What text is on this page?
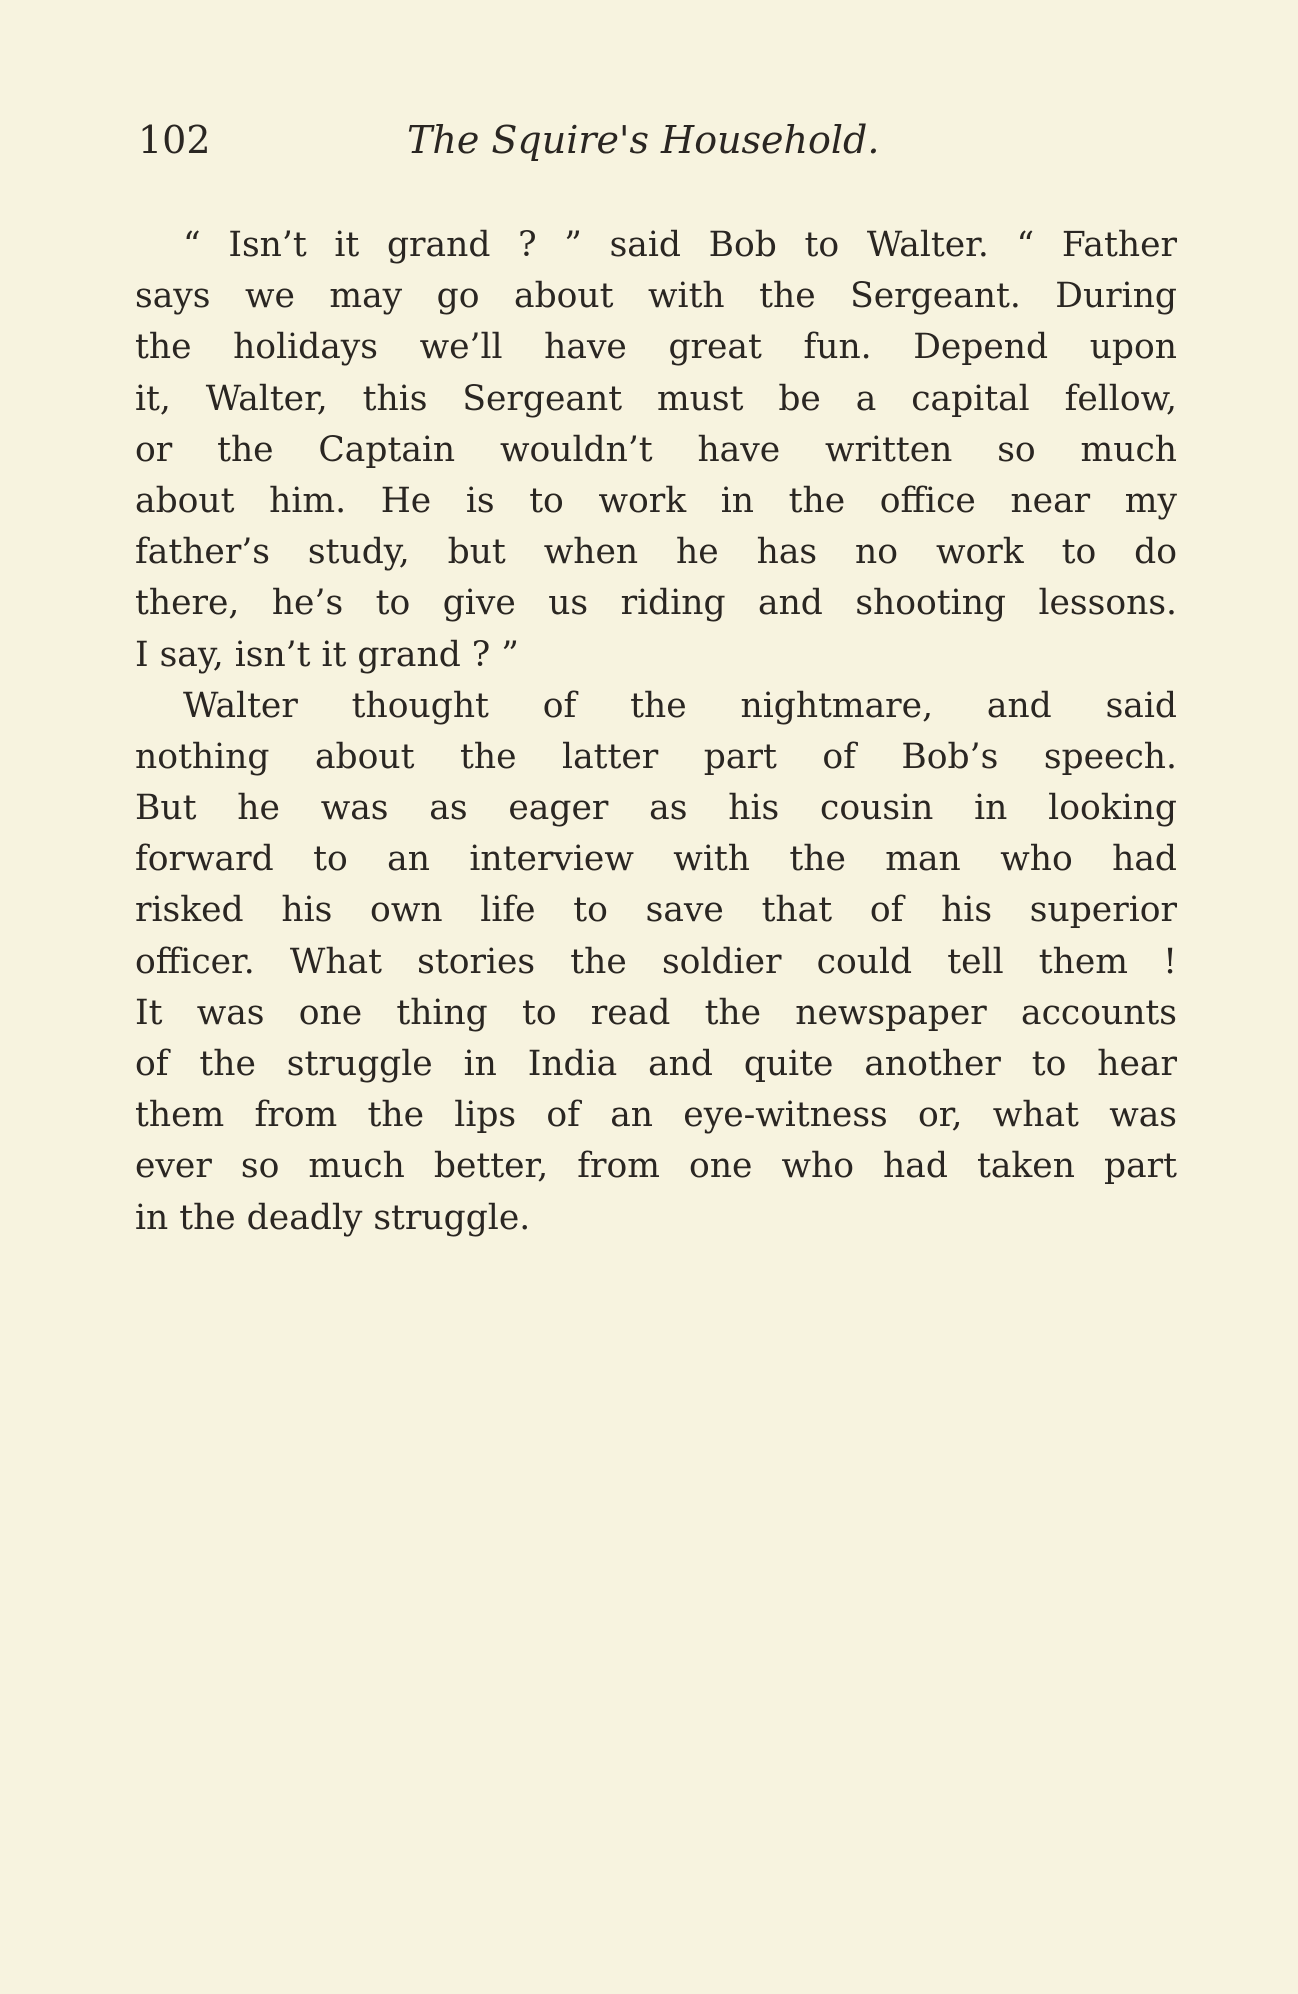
102	The Squire's Household.
“ Isn’t it grand ? ” said Bob to Walter. “ Father
says we may go about with the Sergeant. During
the holidays we’ll have great fun. Depend upon
it, Walter, this Sergeant must be a capital fellow,
or the Captain wouldn’t have written so much
about him. He is to work in the office near my
father’s study, but when he has no work to do
there, he’s to give us riding and shooting lessons.
I say, isn’t it grand ? ”
Walter thought of the nightmare, and said
nothing about the latter part of Bob’s speech.
But he was as eager as his cousin in looking
forward to an interview with the man who had
risked his own life to save that of his superior
officer. What stories the soldier could tell them !
It was one thing to read the newspaper accounts
of the struggle in India and quite another to hear
them from the lips of an eye-witness or, what was
ever so much better, from one who had taken part
in the deadly struggle.
